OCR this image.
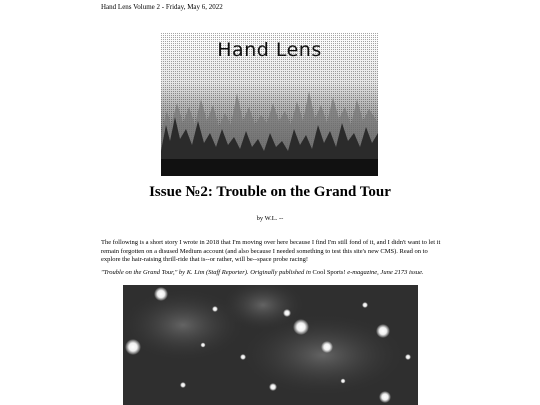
Hand Lens Volume 2 - Friday, May 6, 2022
Hand Lens
Issue №2: Trouble on the Grand Tour
by W.L. --

The following is a short story I wrote in 2018 that I'm moving over here because I find I'm still fond of it, and I didn't want to let it remain forgotten on a disused Medium account (and also because I needed something to test this site's new CMS). Read on to explore the hair-raising thrill-ride that is--or rather, will be--space probe racing!

"Trouble on the Grand Tour," by K. Lim (Staff Reporter). Originally published in Cool Sports! e-magazine, June 2173 issue.
